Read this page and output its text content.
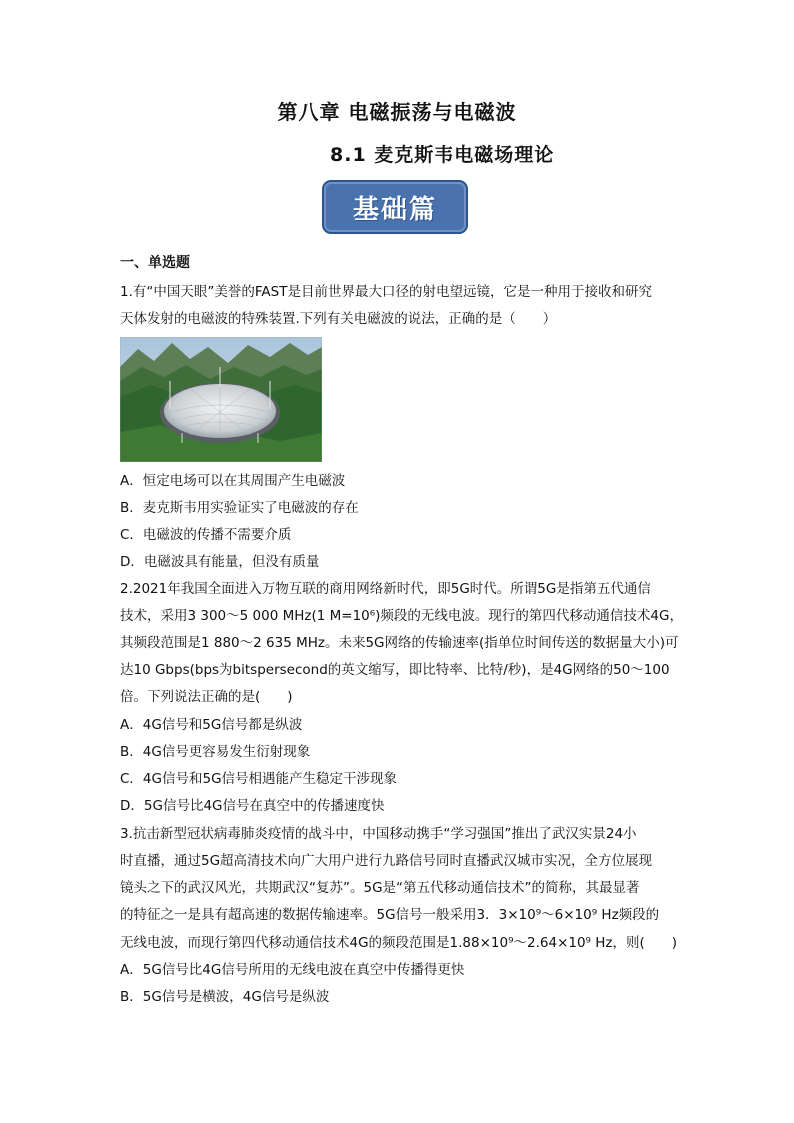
第八章 电磁振荡与电磁波
8.1 麦克斯韦电磁场理论
基础篇
一、单选题
1.有“中国天眼”美誉的FAST是目前世界最大口径的射电望远镜，它是一种用于接收和研究
天体发射的电磁波的特殊装置.下列有关电磁波的说法，正确的是（　　）
A．恒定电场可以在其周围产生电磁波
B．麦克斯韦用实验证实了电磁波的存在
C．电磁波的传播不需要介质
D．电磁波具有能量，但没有质量
2.2021年我国全面进入万物互联的商用网络新时代，即5G时代。所谓5G是指第五代通信
技术，采用3 300～5 000 MHz(1 M=10⁶)频段的无线电波。现行的第四代移动通信技术4G，
其频段范围是1 880～2 635 MHz。未来5G网络的传输速率(指单位时间传送的数据量大小)可
达10 Gbps(bps为bitspersecond的英文缩写，即比特率、比特/秒)，是4G网络的50～100
倍。下列说法正确的是(　　)
A．4G信号和5G信号都是纵波
B．4G信号更容易发生衍射现象
C．4G信号和5G信号相遇能产生稳定干涉现象
D．5G信号比4G信号在真空中的传播速度快
3.抗击新型冠状病毒肺炎疫情的战斗中，中国移动携手“学习强国”推出了武汉实景24小
时直播，通过5G超高清技术向广大用户进行九路信号同时直播武汉城市实况，全方位展现
镜头之下的武汉风光，共期武汉“复苏”。5G是“第五代移动通信技术”的简称，其最显著
的特征之一是具有超高速的数据传输速率。5G信号一般采用3．3×10⁹～6×10⁹ Hz频段的
无线电波，而现行第四代移动通信技术4G的频段范围是1.88×10⁹～2.64×10⁹ Hz，则(　　)
A．5G信号比4G信号所用的无线电波在真空中传播得更快
B．5G信号是横波，4G信号是纵波
